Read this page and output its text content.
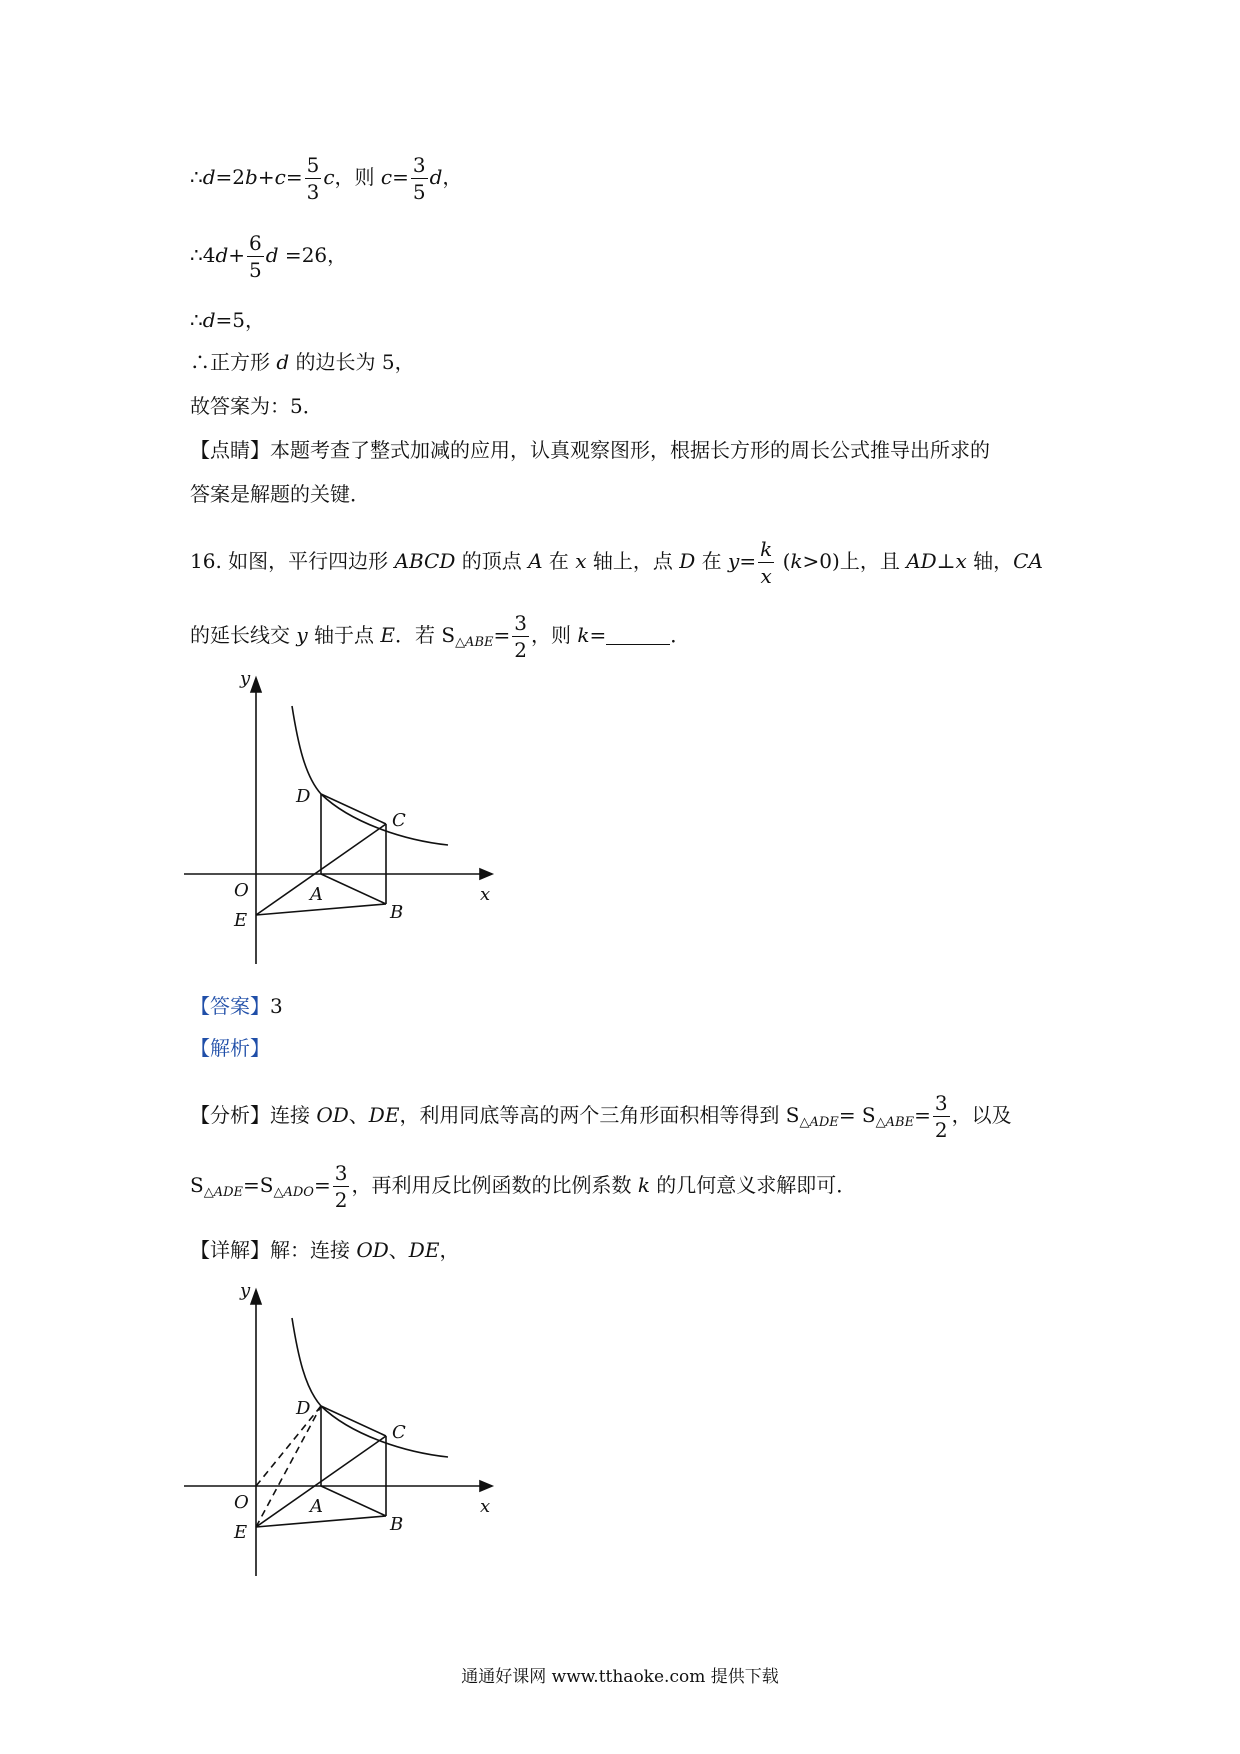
∴d=2b+c= $\frac{5}{3}$ c，则 $c= \frac{3}{5}$ d，
∴4d+ $\frac{6}{5}$ d =26，
∴d=5，
∴正方形 d 的边长为 5，
故答案为：5．
【点睛】本题考查了整式加减的应用，认真观察图形，根据长方形的周长公式推导出所求的
答案是解题的关键．
16. 如图，平行四边形 ABCD 的顶点 A 在 x 轴上，点 D 在 $y= \frac{k}{x} (k>0)$上，且 AD⊥x 轴，CA
的延长线交 y 轴于点 E．若 $S_{\triangle ABE}= \frac{3}{2}$ ，则 k=	．
y
x
O	A
B
C
D
E
【答案】3
【解析】
【分析】连接 OD、DE，利用同底等高的两个三角形面积相等得到 $S_{\triangle ADE}= S_{\triangle ABE}= \frac{3}{2}$ ，以及
$S_{\triangle ADE}=S_{\triangle ADO}= \frac{3}{2}$ ，再利用反比例函数的比例系数 k 的几何意义求解即可．
【详解】解：连接 OD、DE，
y
x
O	A
B
C
D
E
通通好课网 www.tthaoke.com 提供下载
